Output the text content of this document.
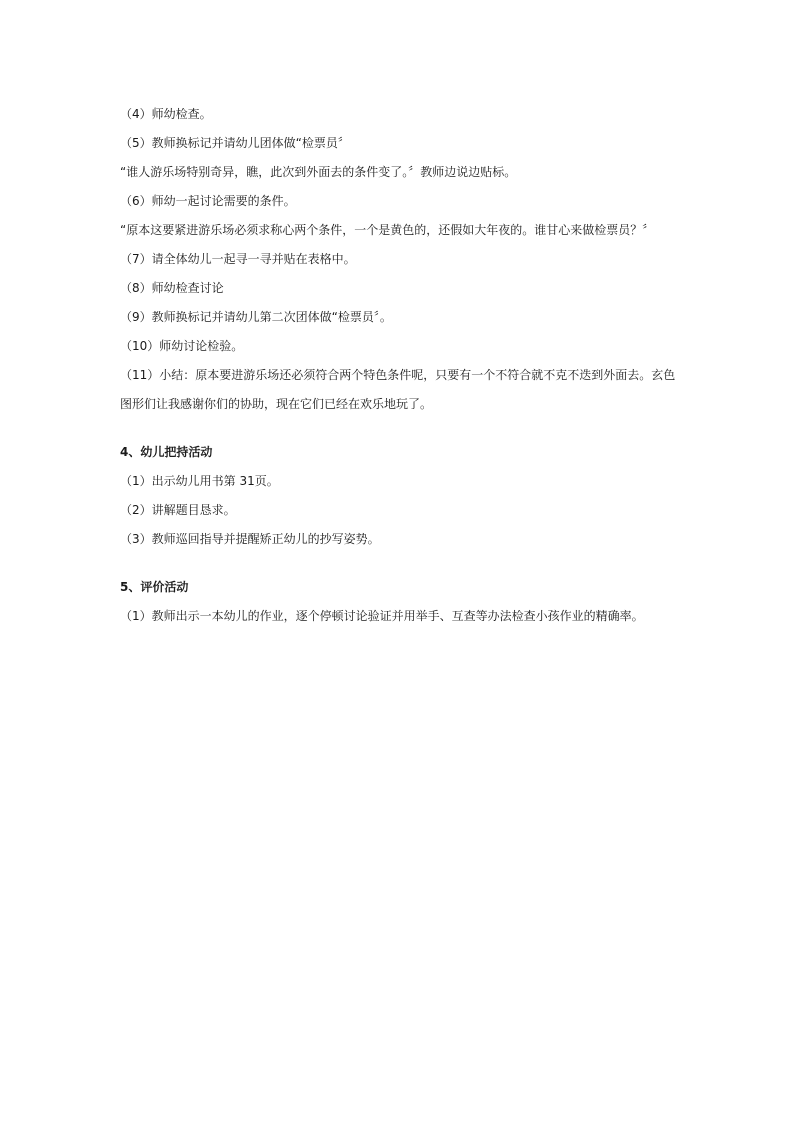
（4）师幼检查。
（5）教师换标记并请幼儿团体做“检票员〞
“谁人游乐场特别奇异，瞧，此次到外面去的条件变了。〞教师边说边贴标。
（6）师幼一起讨论需要的条件。
“原本这要紧进游乐场必须求称心两个条件，一个是黄色的，还假如大年夜的。谁甘心来做检票员？〞
（7）请全体幼儿一起寻一寻并贴在表格中。
（8）师幼检查讨论
（9）教师换标记并请幼儿第二次团体做“检票员〞。
（10）师幼讨论检验。
（11）小结：原本要进游乐场还必须符合两个特色条件呢，只要有一个不符合就不克不迭到外面去。玄色图形们让我感谢你们的协助，现在它们已经在欢乐地玩了。
4、幼儿把持活动
（1）出示幼儿用书第 31页。
（2）讲解题目恳求。
（3）教师巡回指导并提醒矫正幼儿的抄写姿势。
5、评价活动
（1）教师出示一本幼儿的作业，逐个停顿讨论验证并用举手、互查等办法检查小孩作业的精确率。
